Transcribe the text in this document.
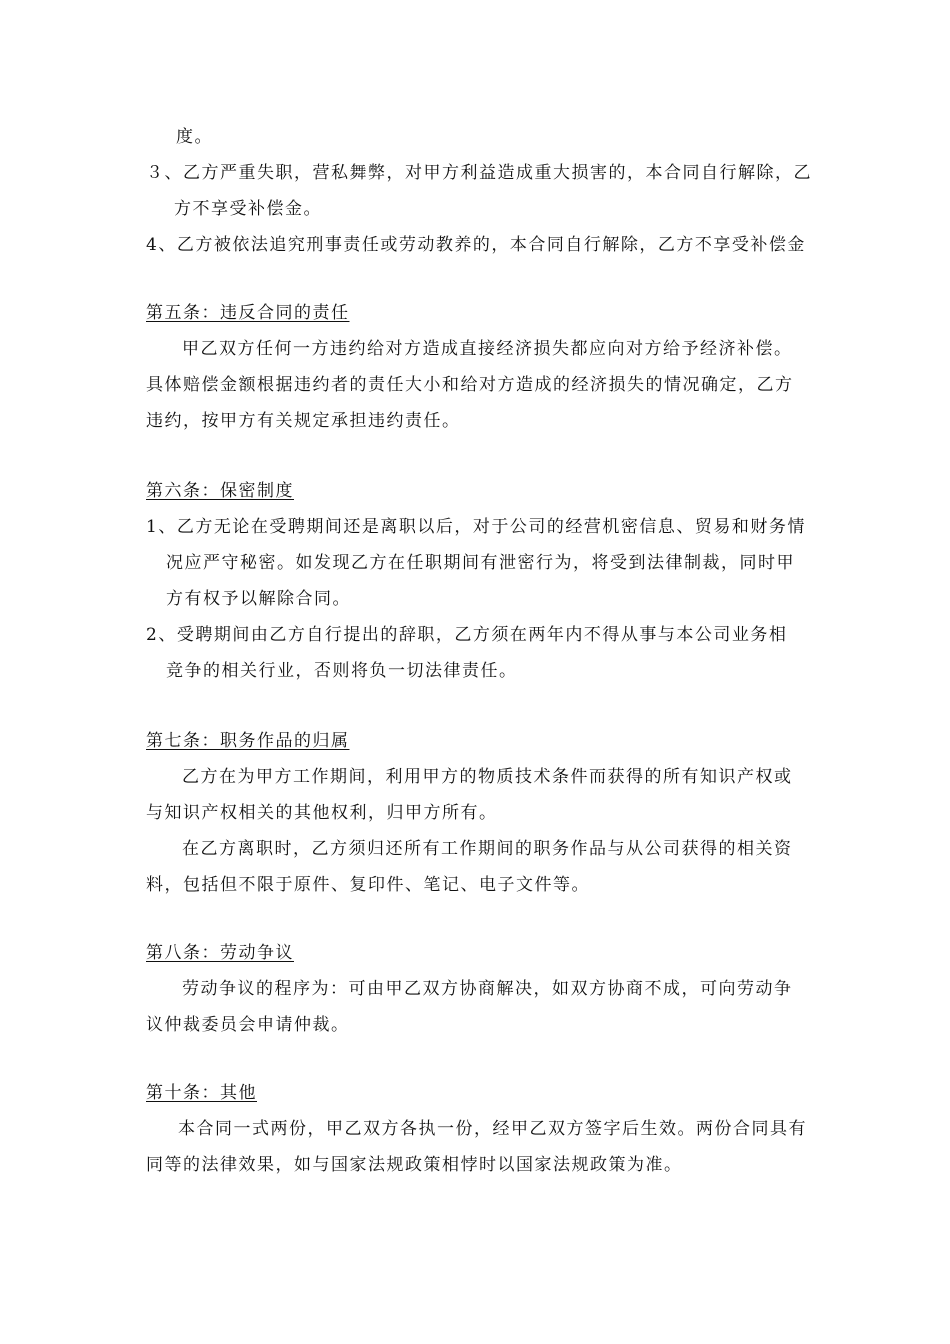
度。
３、乙方严重失职，营私舞弊，对甲方利益造成重大损害的，本合同自行解除，乙
方不享受补偿金。
4、乙方被依法追究刑事责任或劳动教养的，本合同自行解除，乙方不享受补偿金
第五条：违反合同的责任
甲乙双方任何一方违约给对方造成直接经济损失都应向对方给予经济补偿。
具体赔偿金额根据违约者的责任大小和给对方造成的经济损失的情况确定，乙方
违约，按甲方有关规定承担违约责任。
第六条：保密制度
1、乙方无论在受聘期间还是离职以后，对于公司的经营机密信息、贸易和财务情
况应严守秘密。如发现乙方在任职期间有泄密行为，将受到法律制裁，同时甲
方有权予以解除合同。
2、受聘期间由乙方自行提出的辞职，乙方须在两年内不得从事与本公司业务相
竞争的相关行业，否则将负一切法律责任。
第七条：职务作品的归属
乙方在为甲方工作期间，利用甲方的物质技术条件而获得的所有知识产权或
与知识产权相关的其他权利，归甲方所有。
在乙方离职时，乙方须归还所有工作期间的职务作品与从公司获得的相关资
料，包括但不限于原件、复印件、笔记、电子文件等。
第八条：劳动争议
劳动争议的程序为：可由甲乙双方协商解决，如双方协商不成，可向劳动争
议仲裁委员会申请仲裁。
第十条：其他
本合同一式两份，甲乙双方各执一份，经甲乙双方签字后生效。两份合同具有
同等的法律效果，如与国家法规政策相悖时以国家法规政策为准。
